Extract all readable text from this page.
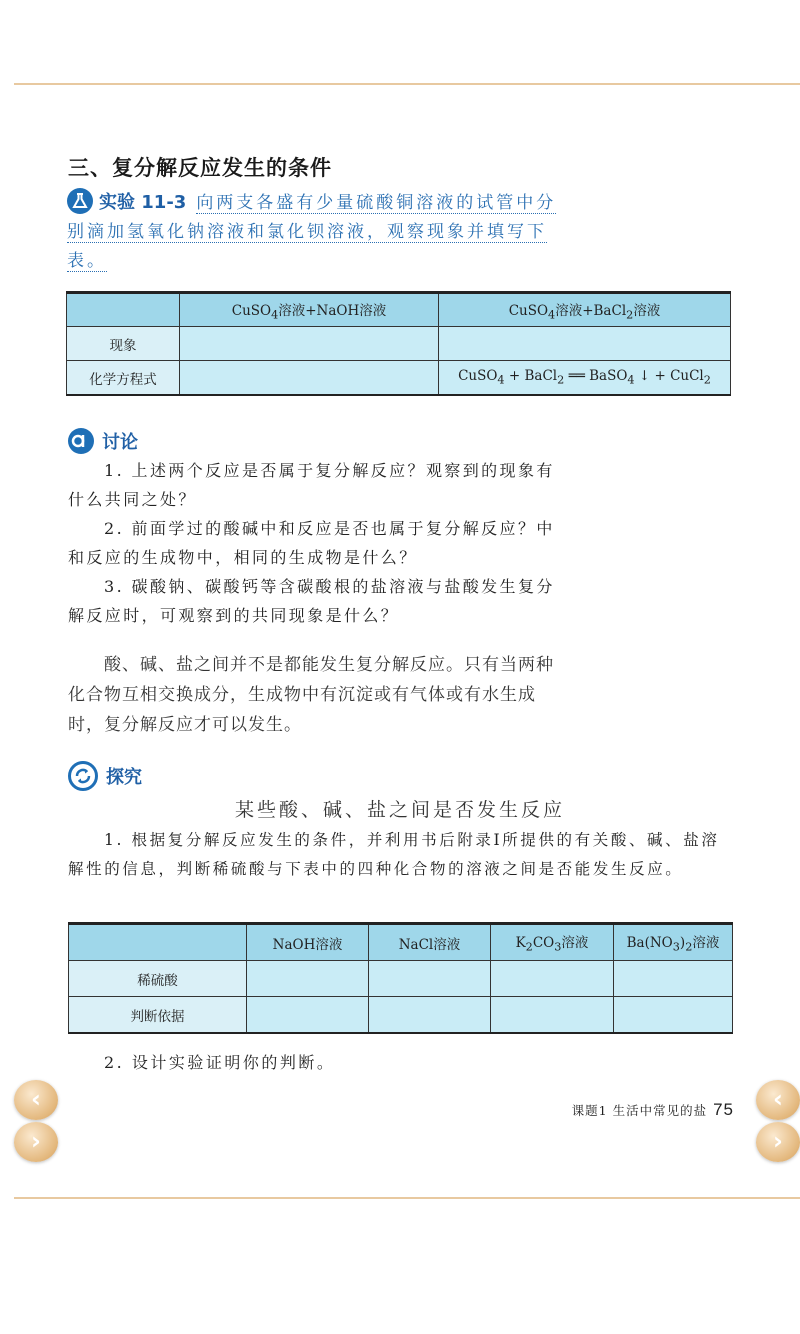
三、复分解反应发生的条件
实验 11-3 向两支各盛有少量硫酸铜溶液的试管中分别滴加氢氧化钠溶液和氯化钡溶液，观察现象并填写下表。
	CuSO$_4$溶液+NaOH溶液	CuSO$_4$溶液+BaCl$_2$溶液
现象		
化学方程式		CuSO$_4$ + BaCl$_2$ ══ BaSO$_4$ ↓ + CuCl$_2$
讨论

1. 上述两个反应是否属于复分解反应？观察到的现象有什么共同之处？

2. 前面学过的酸碱中和反应是否也属于复分解反应？中和反应的生成物中，相同的生成物是什么？

3. 碳酸钠、碳酸钙等含碳酸根的盐溶液与盐酸发生复分解反应时，可观察到的共同现象是什么？

酸、碱、盐之间并不是都能发生复分解反应。只有当两种化合物互相交换成分，生成物中有沉淀或有气体或有水生成时，复分解反应才可以发生。

探究
某些酸、碱、盐之间是否发生反应

1. 根据复分解反应发生的条件，并利用书后附录Ⅰ所提供的有关酸、碱、盐溶解性的信息，判断稀硫酸与下表中的四种化合物的溶液之间是否能发生反应。

	NaOH溶液	NaCl溶液	$K_2CO_3$溶液	$Ba(NO_3)_2$溶液
稀硫酸				
判断依据				
2. 设计实验证明你的判断。
课题1 生活中常见的盐 75
‹
›
‹
›
